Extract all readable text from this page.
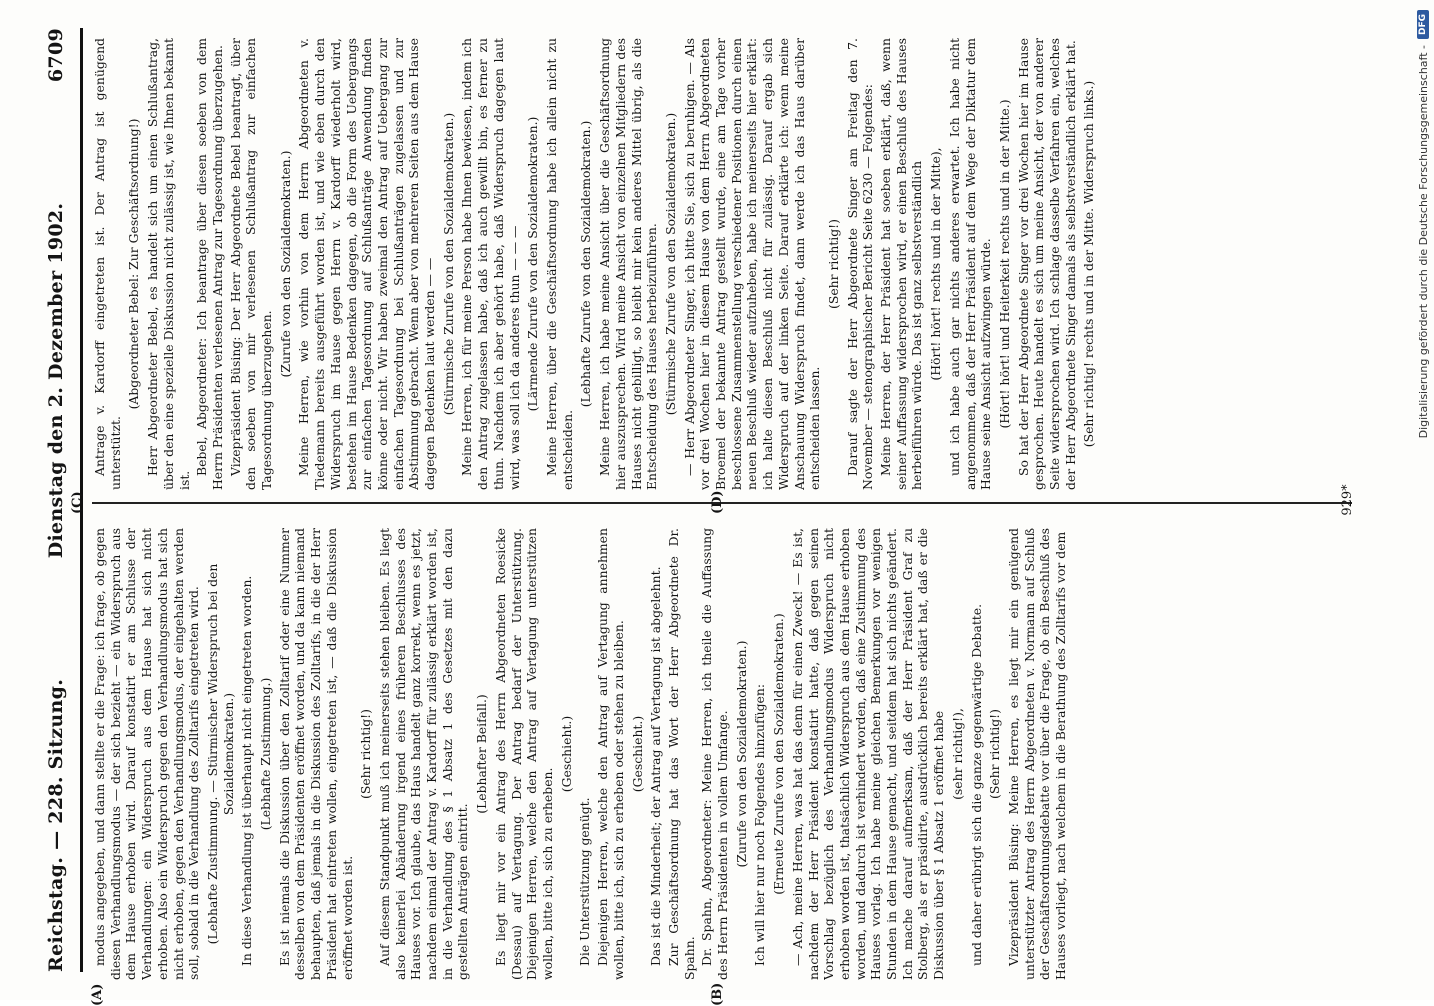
Reichstag. — 228. Sitzung.
Dienstag den 2. Dezember 1902.
6709

modus angegeben, und dann stellte er die Frage: ich frage, ob gegen diesen Verhandlungsmodus — der sich bezieht — ein Widerspruch aus dem Hause erhoben wird. Darauf konstatirt er am Schlusse der Verhandlungen: ein Widerspruch aus dem Hause hat sich nicht erhoben. Also ein Widerspruch gegen den Verhandlungsmodus hat sich nicht erhoben, gegen den Verhandlungsmodus, der eingehalten werden soll, sobald in die Verhandlung des Zolltarifs eingetreten wird. (Lebhafte Zustimmung. — Stürmischer Widerspruch bei den Sozialdemokraten.) In diese Verhandlung ist überhaupt nicht eingetreten worden. (Lebhafte Zustimmung.) Es ist niemals die Diskussion über den Zolltarif oder eine Nummer desselben von dem Präsidenten eröffnet worden, und da kann niemand behaupten, daß jemals in die Diskussion des Zolltarifs, in die der Herr Präsident hat eintreten wollen, eingetreten ist, — daß die Diskussion eröffnet worden ist.

(Sehr richtig!) Auf diesem Standpunkt muß ich meinerseits stehen bleiben. Es liegt also keinerlei Abänderung irgend eines früheren Beschlusses des Hauses vor. Ich glaube, das Haus handelt ganz korrekt, wenn es jetzt, nachdem einmal der Antrag v. Kardorff für zulässig erklärt worden ist, in die Verhandlung des § 1 Absatz 1 des Gesetzes mit den dazu gestellten Anträgen eintritt.

(Lebhafter Beifall.) Es liegt mir vor ein Antrag des Herrn Abgeordneten Roesicke (Dessau) auf Vertagung. Der Antrag bedarf der Unterstützung. Diejenigen Herren, welche den Antrag auf Vertagung unterstützen wollen, bitte ich, sich zu erheben.

(Geschieht.)

Die Unterstützung genügt. Diejenigen Herren, welche den Antrag auf Vertagung annehmen wollen, bitte ich, sich zu erheben oder stehen zu bleiben. (Geschieht.) Das ist die Minderheit; der Antrag auf Vertagung ist abgelehnt. Zur Geschäftsordnung hat das Wort der Herr Abgeordnete Dr. Spahn. Dr. Spahn, Abgeordneter: Meine Herren, ich theile die Auffassung des Herrn Präsidenten in vollem Umfange. (Zurufe von den Sozialdemokraten.) Ich will hier nur noch Folgendes hinzufügen: (Erneute Zurufe von den Sozialdemokraten.) — Ach, meine Herren, was hat das denn für einen Zweck! — Es ist, nachdem der Herr Präsident konstatirt hatte, daß gegen seinen Vorschlag bezüglich des Verhandlungsmodus Widerspruch nicht erhoben worden ist, thatsächlich Widerspruch aus dem Hause erhoben worden, und dadurch ist verhindert worden, daß eine Zustimmung des Hauses vorlag. Ich habe meine gleichen Bemerkungen vor wenigen Stunden in dem Hause gemacht, und seitdem hat sich nichts geändert. Ich mache darauf aufmerksam, daß der Herr Präsident Graf zu Stolberg, als er präsidirte, ausdrücklich bereits erklärt hat, daß er die Diskussion über § 1 Absatz 1 eröffnet habe (sehr richtig!), und daher erübrigt sich die ganze gegenwärtige Debatte. (Sehr richtig!) Vizepräsident Büsing: Meine Herren, es liegt mir ein genügend unterstützter Antrag des Herrn Abgeordneten v. Normann auf Schluß der Geschäftsordnungsdebatte vor über die Frage, ob ein Beschluß des Hauses vorliegt, nach welchem in die Berathung des Zolltarifs vor dem

Antrage v. Kardorff eingetreten ist. Der Antrag ist genügend unterstützt.

(Abgeordneter Bebel: Zur Geschäftsordnung!) Herr Abgeordneter Bebel, es handelt sich um einen Schlußantrag, über den eine spezielle Diskussion nicht zulässig ist, wie Ihnen bekannt ist.

Bebel, Abgeordneter: Ich beantrage über diesen soeben von dem Herrn Präsidenten verlesenen Antrag zur Tagesordnung überzugehen. Vizepräsident Büsing: Der Herr Abgeordnete Bebel beantragt, über den soeben von mir verlesenen Schlußantrag zur einfachen Tagesordnung überzugehen.

(Zurufe von den Sozialdemokraten.) Meine Herren, wie vorhin von dem Herrn Abgeordneten v. Tiedemann bereits ausgeführt worden ist, und wie eben durch den Widerspruch im Hause gegen Herrn v. Kardorff wiederholt wird, bestehen im Hause Bedenken dagegen, ob die Form des Uebergangs zur einfachen Tagesordnung auf Schlußanträge Anwendung finden könne oder nicht. Wir haben zweimal den Antrag auf Uebergang zur einfachen Tagesordnung bei Schlußanträgen zugelassen und zur Abstimmung gebracht. Wenn aber von mehreren Seiten aus dem Hause dagegen Bedenken laut werden — — (Stürmische Zurufe von den Sozialdemokraten.) Meine Herren, ich für meine Person habe Ihnen bewiesen, indem ich den Antrag zugelassen habe, daß ich auch gewillt bin, es ferner zu thun. Nachdem ich aber gehört habe, daß Widerspruch dagegen laut wird, was soll ich da anderes thun — — — (Lärmende Zurufe von den Sozialdemokraten.) Meine Herren, über die Geschäftsordnung habe ich allein nicht zu entscheiden.

(Lebhafte Zurufe von den Sozialdemokraten.) Meine Herren, ich habe meine Ansicht über die Geschäftsordnung hier auszusprechen. Wird meine Ansicht von einzelnen Mitgliedern des Hauses nicht gebilligt, so bleibt mir kein anderes Mittel übrig, als die Entscheidung des Hauses herbeizuführen. (Stürmische Zurufe von den Sozialdemokraten.) — Herr Abgeordneter Singer, ich bitte Sie, sich zu beruhigen. — Als vor drei Wochen hier in diesem Hause von dem Herrn Abgeordneten Broemel der bekannte Antrag gestellt wurde, eine am Tage vorher beschlossene Zusammenstellung verschiedener Positionen durch einen neuen Beschluß wieder aufzuheben, habe ich meinerseits hier erklärt: ich halte diesen Beschluß nicht für zulässig. Darauf ergab sich Widerspruch auf der linken Seite. Darauf erklärte ich: wenn meine Anschauung Widerspruch findet, dann werde ich das Haus darüber entscheiden lassen.

(Sehr richtig!) Darauf sagte der Herr Abgeordnete Singer am Freitag den 7. November — stenographischer Bericht Seite 6230 — Folgendes: Meine Herren, der Herr Präsident hat soeben erklärt, daß, wenn seiner Auffassung widersprochen wird, er einen Beschluß des Hauses herbeiführen würde. Das ist ganz selbstverständlich (Hört! hört! rechts und in der Mitte), und ich habe auch gar nichts anderes erwartet. Ich habe nicht angenommen, daß der Herr Präsident auf dem Wege der Diktatur dem Hause seine Ansicht aufzwingen würde. (Hört! hört! und Heiterkeit rechts und in der Mitte.) So hat der Herr Abgeordnete Singer vor drei Wochen hier im Hause gesprochen. Heute handelt es sich um meine Ansicht, der von anderer Seite widersprochen wird. Ich schlage dasselbe Verfahren ein, welches der Herr Abgeordnete Singer damals als selbstverständlich erklärt hat. (Sehr richtig! rechts und in der Mitte. Widerspruch links.)

(A)	(B)
(C)	(D)	929*
Digitalisierung gefördert durch die Deutsche Forschungsgemeinschaft -
DFG
